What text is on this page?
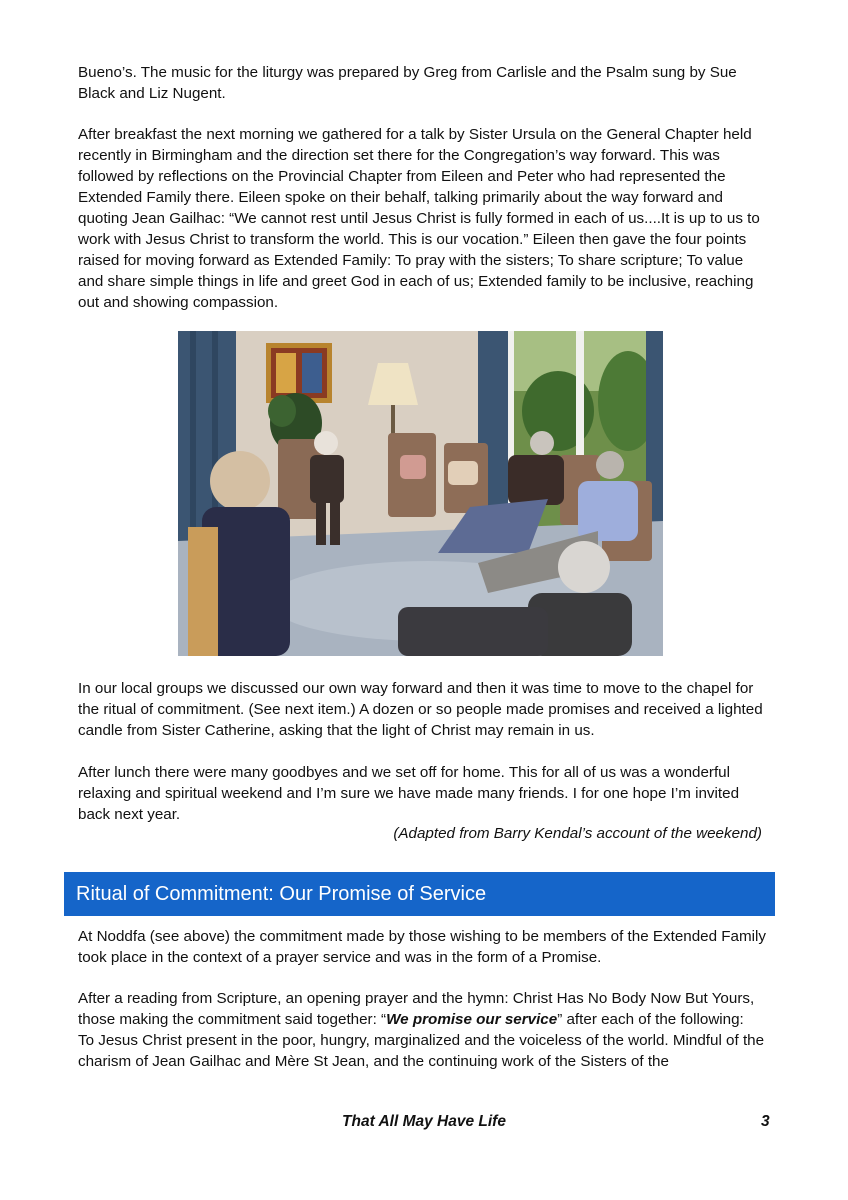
Bueno’s. The music for the liturgy was prepared by Greg from Carlisle and the Psalm sung by Sue Black and Liz Nugent.

After breakfast the next morning we gathered for a talk by Sister Ursula on the General Chapter held recently in Birmingham and the direction set there for the Congregation’s way forward. This was followed by reflections on the Provincial Chapter from Eileen and Peter who had represented the Extended Family there. Eileen spoke on their behalf, talking primarily about the way forward and quoting Jean Gailhac: “We cannot rest until Jesus Christ is fully formed in each of us....It is up to us to work with Jesus Christ to transform the world. This is our vocation.” Eileen then gave the four points raised for moving forward as Extended Family: To pray with the sisters; To share scripture; To value and share simple things in life and greet God in each of us; Extended family to be inclusive, reaching out and showing compassion.

In our local groups we discussed our own way forward and then it was time to move to the chapel for the ritual of commitment. (See next item.) A dozen or so people made promises and received a lighted candle from Sister Catherine, asking that the light of Christ may remain in us.

After lunch there were many goodbyes and we set off for home. This for all of us was a wonderful relaxing and spiritual weekend and I’m sure we have made many friends. I for one hope I’m invited back next year.

(Adapted from Barry Kendal’s account of the weekend)

Ritual of Commitment: Our Promise of Service

At Noddfa (see above) the commitment made by those wishing to be members of the Extended Family took place in the context of a prayer service and was in the form of a Promise.

After a reading from Scripture, an opening prayer and the hymn: Christ Has No Body Now But Yours, those making the commitment said together: “We promise our service” after each of the following:
To Jesus Christ present in the poor, hungry, marginalized and the voiceless of the world. Mindful of the charism of Jean Gailhac and Mère St Jean, and the continuing work of the Sisters of the

That All May Have Life	3
